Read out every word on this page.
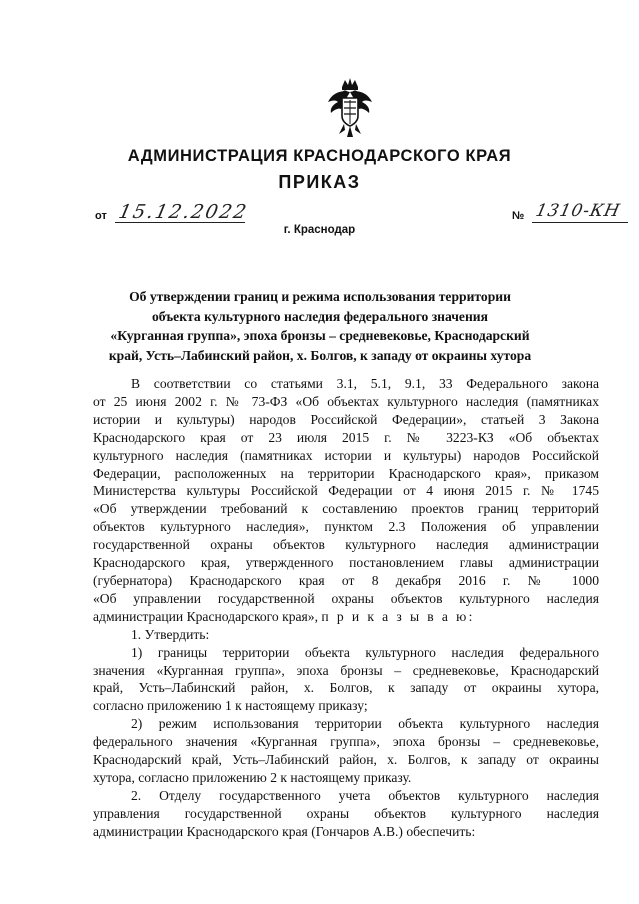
АДМИНИСТРАЦИЯ КРАСНОДАРСКОГО КРАЯ
ПРИКАЗ
от 15.12.2022	№ 1310-КН
г. Краснодар
Об утверждении границ и режима использования территории
объекта культурного наследия федерального значения
«Курганная группа», эпоха бронзы – средневековье, Краснодарский
край, Усть–Лабинский район, х. Болгов, к западу от окраины хутора
В соответствии со статьями 3.1, 5.1, 9.1, 33 Федерального закона
от 25 июня 2002 г. № 73-ФЗ «Об объектах культурного наследия (памятниках
истории и культуры) народов Российской Федерации», статьей 3 Закона
Краснодарского края от 23 июля 2015 г. № 3223-КЗ «Об объектах
культурного наследия (памятниках истории и культуры) народов Российской
Федерации, расположенных на территории Краснодарского края», приказом
Министерства культуры Российской Федерации от 4 июня 2015 г. № 1745
«Об утверждении требований к составлению проектов границ территорий
объектов культурного наследия», пунктом 2.3 Положения об управлении
государственной охраны объектов культурного наследия администрации
Краснодарского края, утвержденного постановлением главы администрации
(губернатора) Краснодарского края от 8 декабря 2016 г. № 1000
«Об управлении государственной охраны объектов культурного наследия
администрации Краснодарского края», п р и к а з ы в а ю:
1. Утвердить:
1) границы территории объекта культурного наследия федерального
значения «Курганная группа», эпоха бронзы – средневековье, Краснодарский
край, Усть–Лабинский район, х. Болгов, к западу от окраины хутора,
согласно приложению 1 к настоящему приказу;
2) режим использования территории объекта культурного наследия
федерального значения «Курганная группа», эпоха бронзы – средневековье,
Краснодарский край, Усть–Лабинский район, х. Болгов, к западу от окраины
хутора, согласно приложению 2 к настоящему приказу.
2. Отделу государственного учета объектов культурного наследия
управления государственной охраны объектов культурного наследия
администрации Краснодарского края (Гончаров А.В.) обеспечить:
